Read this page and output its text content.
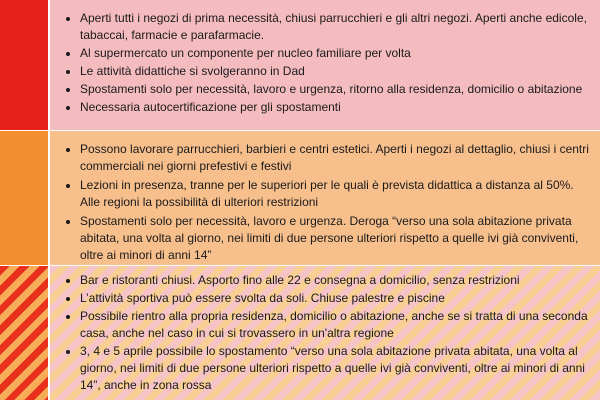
• Aperti tutti i negozi di prima necessità, chiusi parrucchieri e gli altri negozi. Aperti anche edicole, tabaccai, farmacie e parafarmacie.
• Al supermercato un componente per nucleo familiare per volta
• Le attività didattiche si svolgeranno in Dad
• Spostamenti solo per necessità, lavoro e urgenza, ritorno alla residenza, domicilio o abitazione
• Necessaria autocertificazione per gli spostamenti
• Possono lavorare parrucchieri, barbieri e centri estetici. Aperti i negozi al dettaglio, chiusi i centri commerciali nei giorni prefestivi e festivi
• Lezioni in presenza, tranne per le superiori per le quali è prevista didattica a distanza al 50%. Alle regioni la possibilità di ulteriori restrizioni
• Spostamenti solo per necessità, lavoro e urgenza. Deroga “verso una sola abitazione privata abitata, una volta al giorno, nei limiti di due persone ulteriori rispetto a quelle ivi già conviventi, oltre ai minori di anni 14”
• Bar e ristoranti chiusi. Asporto fino alle 22 e consegna a domicilio, senza restrizioni
• L’attività sportiva può essere svolta da soli. Chiuse palestre e piscine
• Possibile rientro alla propria residenza, domicilio o abitazione, anche se si tratta di una seconda casa, anche nel caso in cui si trovassero in un'altra regione
• 3, 4 e 5 aprile possibile lo spostamento “verso una sola abitazione privata abitata, una volta al giorno, nei limiti di due persone ulteriori rispetto a quelle ivi già conviventi, oltre ai minori di anni 14”, anche in zona rossa
